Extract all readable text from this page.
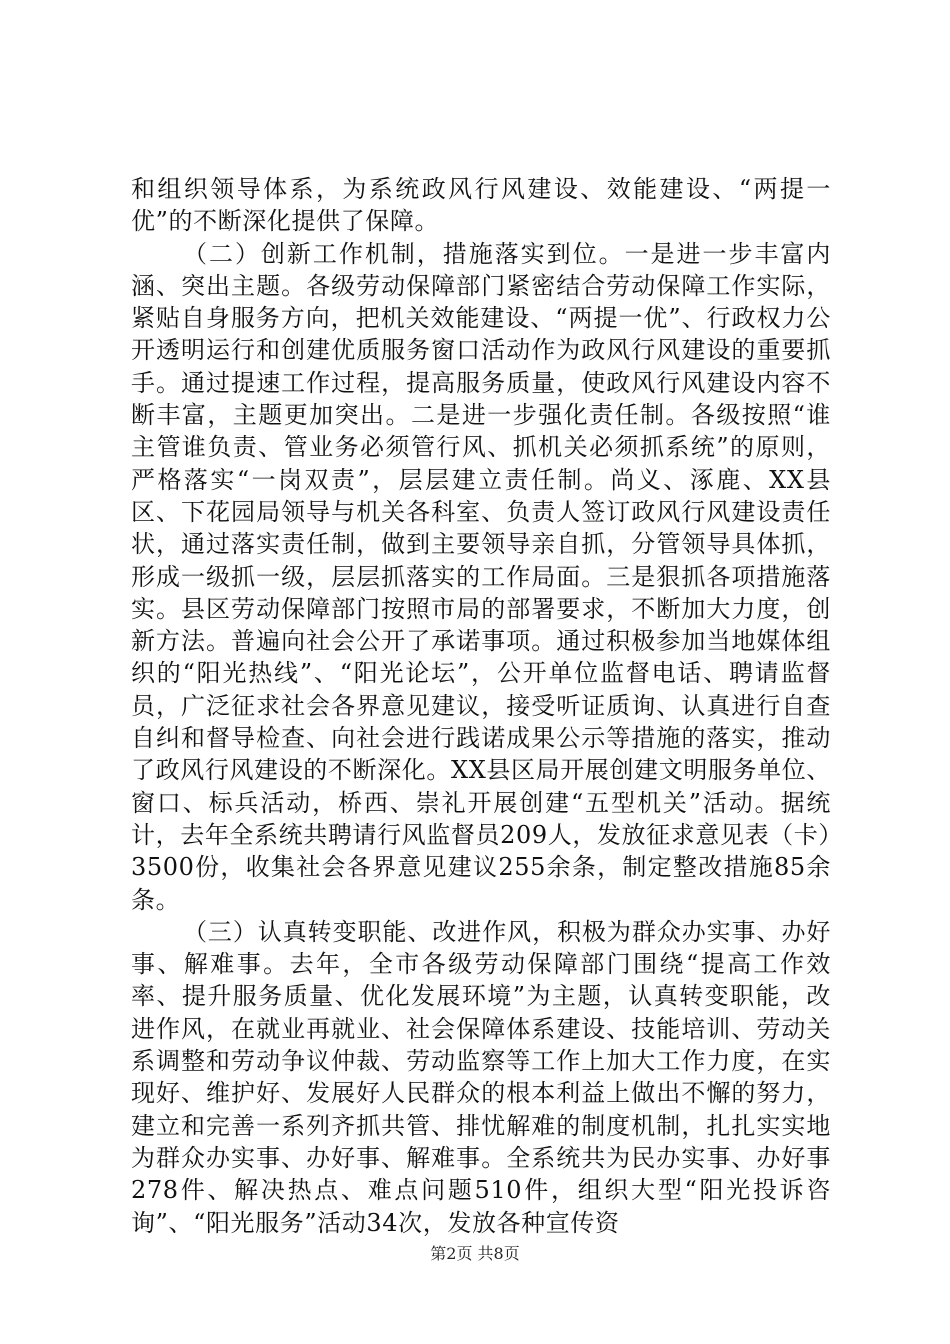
和组织领导体系，为系统政风行风建设、效能建设、“两提一优”的不断深化提供了保障。

（二）创新工作机制，措施落实到位。一是进一步丰富内涵、突出主题。各级劳动保障部门紧密结合劳动保障工作实际，紧贴自身服务方向，把机关效能建设、“两提一优”、行政权力公开透明运行和创建优质服务窗口活动作为政风行风建设的重要抓手。通过提速工作过程，提高服务质量，使政风行风建设内容不断丰富，主题更加突出。二是进一步强化责任制。各级按照“谁主管谁负责、管业务必须管行风、抓机关必须抓系统”的原则，严格落实“一岗双责”，层层建立责任制。尚义、涿鹿、XX县区、下花园局领导与机关各科室、负责人签订政风行风建设责任状，通过落实责任制，做到主要领导亲自抓，分管领导具体抓，形成一级抓一级，层层抓落实的工作局面。三是狠抓各项措施落实。县区劳动保障部门按照市局的部署要求，不断加大力度，创新方法。普遍向社会公开了承诺事项。通过积极参加当地媒体组织的“阳光热线”、“阳光论坛”，公开单位监督电话、聘请监督员，广泛征求社会各界意见建议，接受听证质询、认真进行自查自纠和督导检查、向社会进行践诺成果公示等措施的落实，推动了政风行风建设的不断深化。XX县区局开展创建文明服务单位、窗口、标兵活动，桥西、崇礼开展创建“五型机关”活动。据统计，去年全系统共聘请行风监督员209人，发放征求意见表（卡）3500份，收集社会各界意见建议255余条，制定整改措施85余条。

（三）认真转变职能、改进作风，积极为群众办实事、办好事、解难事。去年，全市各级劳动保障部门围绕“提高工作效率、提升服务质量、优化发展环境”为主题，认真转变职能，改进作风，在就业再就业、社会保障体系建设、技能培训、劳动关系调整和劳动争议仲裁、劳动监察等工作上加大工作力度，在实现好、维护好、发展好人民群众的根本利益上做出不懈的努力，建立和完善一系列齐抓共管、排忧解难的制度机制，扎扎实实地为群众办实事、办好事、解难事。全系统共为民办实事、办好事278件、解决热点、难点问题510件，组织大型“阳光投诉咨询”、“阳光服务”活动34次，发放各种宣传资

第2页 共8页
